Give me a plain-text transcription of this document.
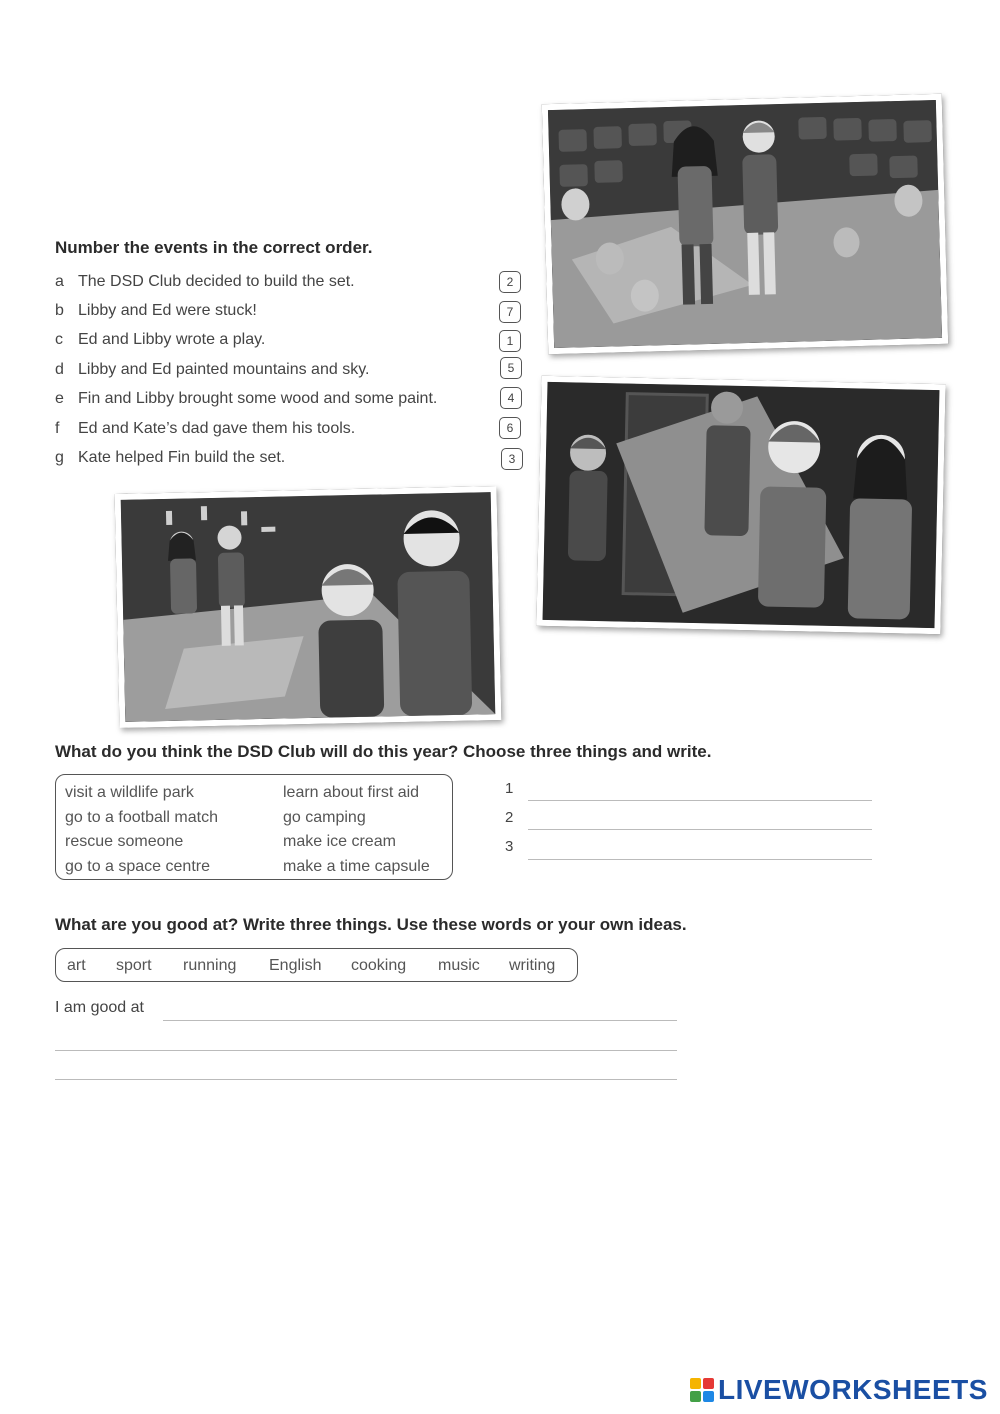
Number the events in the correct order.
a The DSD Club decided to build the set.
2
b Libby and Ed were stuck!
7
c Ed and Libby wrote a play.
1
d Libby and Ed painted mountains and sky.
5
e Fin and Libby brought some wood and some paint.
4
f	Ed and Kate’s dad gave them his tools.
6
g Kate helped Fin build the set.
3
What do you think the DSD Club will do this year? Choose three things and write.
visit a wildlife park
go to a football match
rescue someone
go to a space centre
learn about first aid
go camping
make ice cream
make a time capsule
1
2
3
What are you good at? Write three things. Use these words or your own ideas.
art sport running English cooking music writing
I am good at
LIVEWORKSHEETS
